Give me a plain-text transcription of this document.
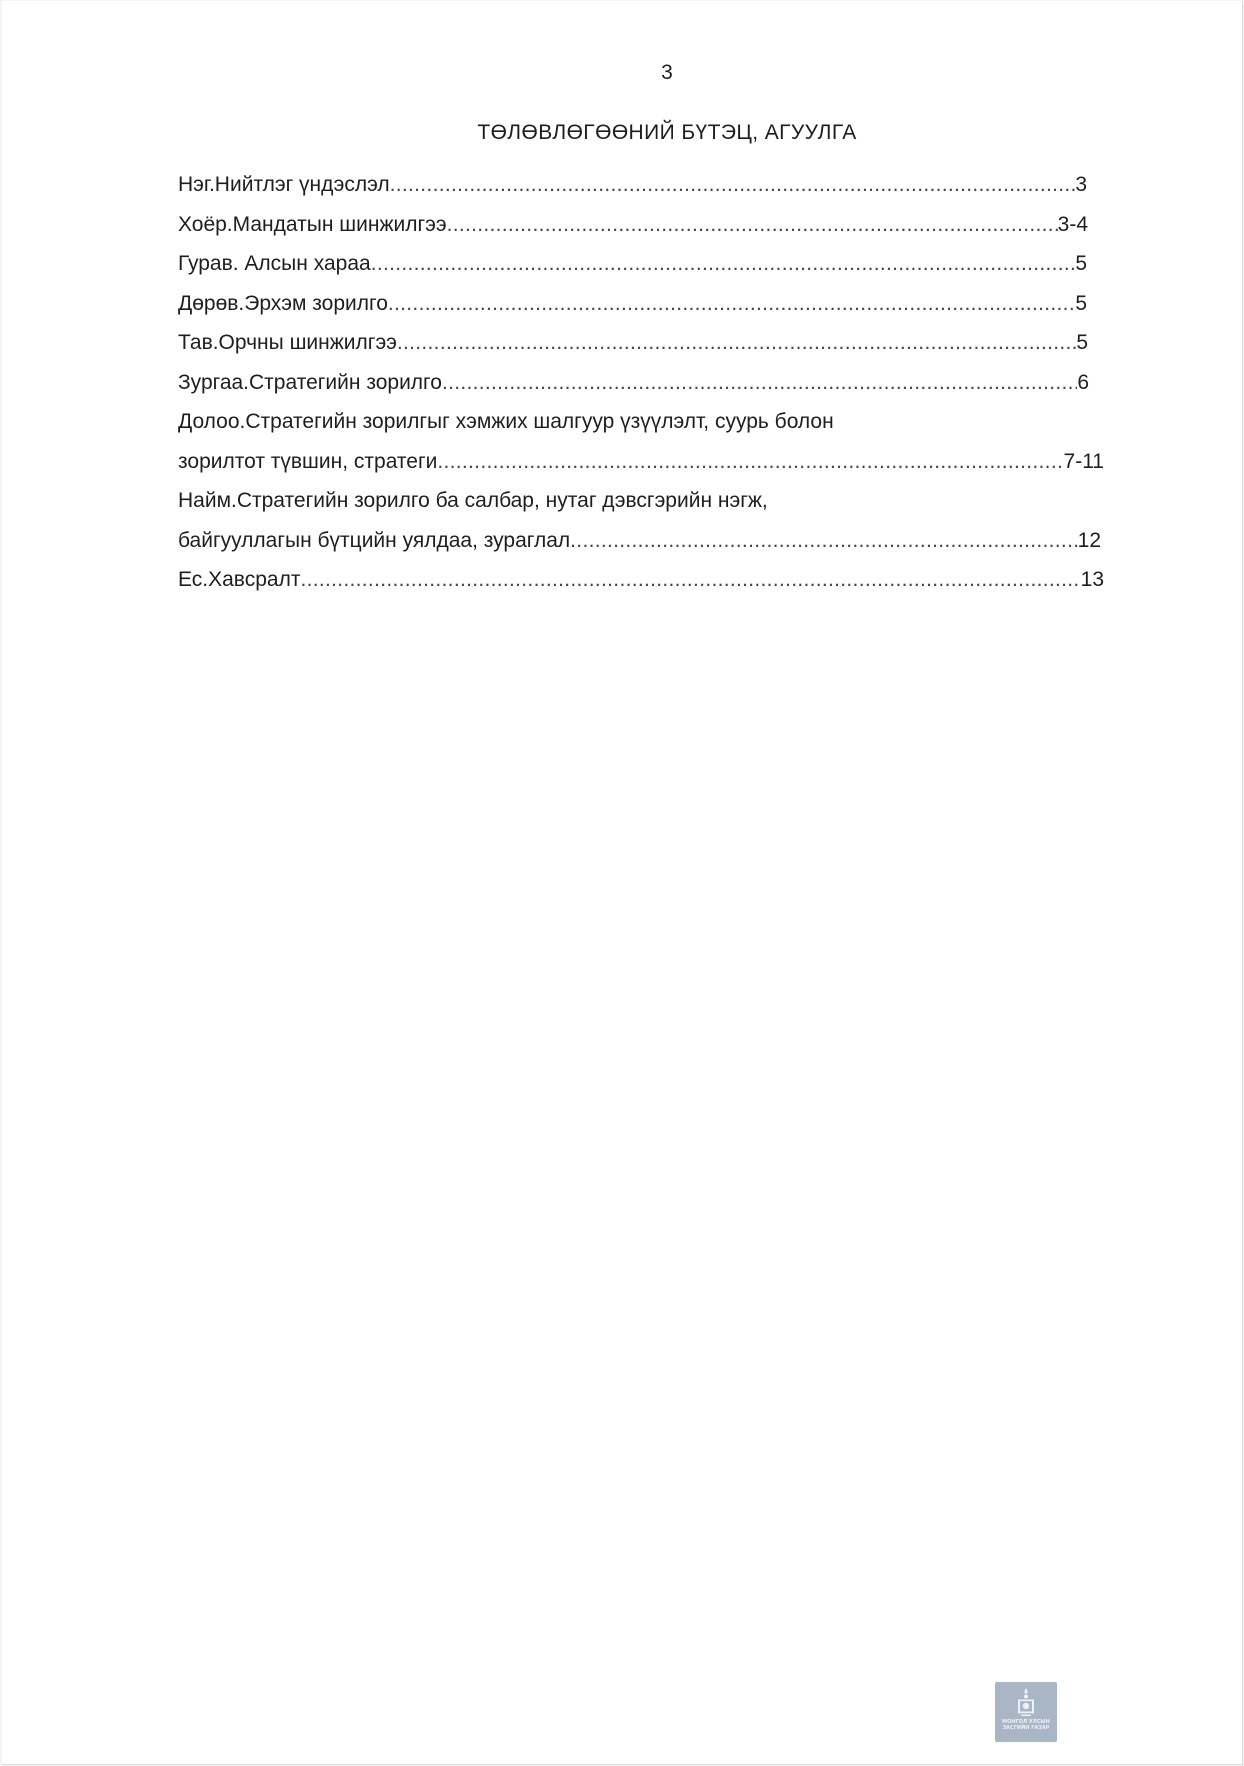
3
ТӨЛӨВЛӨГӨӨНИЙ БҮТЭЦ, АГУУЛГА
Нэг.Нийтлэг үндэслэл .....	3
Хоёр.Мандатын шинжилгээ .....	3-4
Гурав. Алсын хараа .....	5
Дөрөв.Эрхэм зорилго .....	5
Тав.Орчны шинжилгээ .....	5
Зургаа.Стратегийн зорилго .....	6
Долоо.Стратегийн зорилгыг хэмжих шалгуур үзүүлэлт, суурь болон
зорилтот түвшин, стратеги .....	7-11
Найм.Стратегийн зорилго ба салбар, нутаг дэвсгэрийн нэгж,
байгууллагын бүтцийн уялдаа, зураглал .....	12
Ес.Хавсралт .....	13
МОНГОЛ УЛСЫН
ЗАСГИЙН ГАЗАР
